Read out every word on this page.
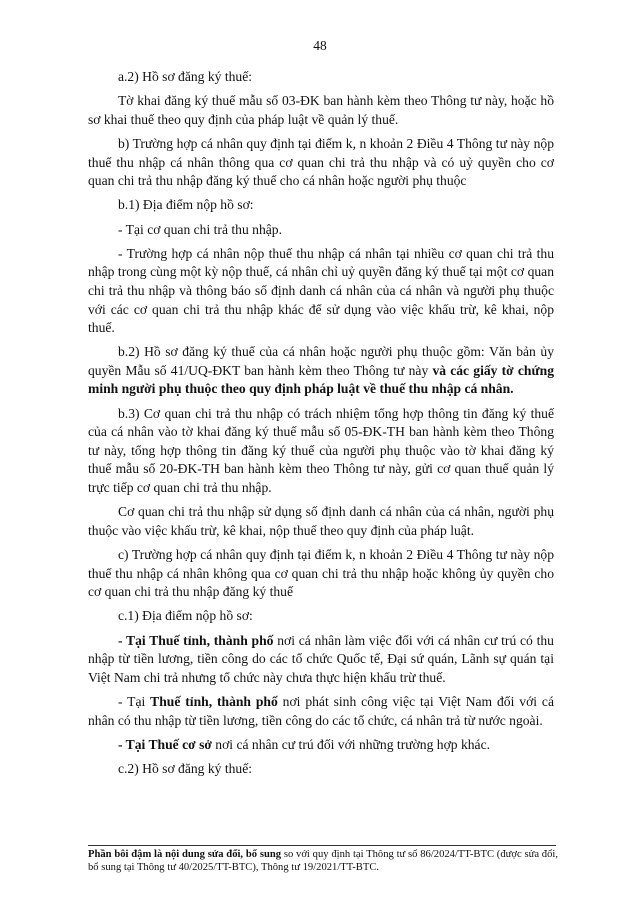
48

a.2) Hồ sơ đăng ký thuế:

Tờ khai đăng ký thuế mẫu số 03-ĐK ban hành kèm theo Thông tư này, hoặc hồ sơ khai thuế theo quy định của pháp luật về quản lý thuế.

b) Trường hợp cá nhân quy định tại điểm k, n khoản 2 Điều 4 Thông tư này nộp thuế thu nhập cá nhân thông qua cơ quan chi trả thu nhập và có uỷ quyền cho cơ quan chi trả thu nhập đăng ký thuế cho cá nhân hoặc người phụ thuộc

b.1) Địa điểm nộp hồ sơ:

- Tại cơ quan chi trả thu nhập.

- Trường hợp cá nhân nộp thuế thu nhập cá nhân tại nhiều cơ quan chi trả thu nhập trong cùng một kỳ nộp thuế, cá nhân chỉ uỷ quyền đăng ký thuế tại một cơ quan chi trả thu nhập và thông báo số định danh cá nhân của cá nhân và người phụ thuộc với các cơ quan chi trả thu nhập khác để sử dụng vào việc khấu trừ, kê khai, nộp thuế.

b.2) Hồ sơ đăng ký thuế của cá nhân hoặc người phụ thuộc gồm: Văn bản ủy quyền Mẫu số 41/UQ-ĐKT ban hành kèm theo Thông tư này và các giấy tờ chứng minh người phụ thuộc theo quy định pháp luật về thuế thu nhập cá nhân.

b.3) Cơ quan chi trả thu nhập có trách nhiệm tổng hợp thông tin đăng ký thuế của cá nhân vào tờ khai đăng ký thuế mẫu số 05-ĐK-TH ban hành kèm theo Thông tư này, tổng hợp thông tin đăng ký thuế của người phụ thuộc vào tờ khai đăng ký thuế mẫu số 20-ĐK-TH ban hành kèm theo Thông tư này, gửi cơ quan thuế quản lý trực tiếp cơ quan chi trả thu nhập.

Cơ quan chi trả thu nhập sử dụng số định danh cá nhân của cá nhân, người phụ thuộc vào việc khấu trừ, kê khai, nộp thuế theo quy định của pháp luật.

c) Trường hợp cá nhân quy định tại điểm k, n khoản 2 Điều 4 Thông tư này nộp thuế thu nhập cá nhân không qua cơ quan chi trả thu nhập hoặc không ủy quyền cho cơ quan chi trả thu nhập đăng ký thuế

c.1) Địa điểm nộp hồ sơ:

- Tại Thuế tỉnh, thành phố nơi cá nhân làm việc đối với cá nhân cư trú có thu nhập từ tiền lương, tiền công do các tổ chức Quốc tế, Đại sứ quán, Lãnh sự quán tại Việt Nam chi trả nhưng tổ chức này chưa thực hiện khấu trừ thuế.

- Tại Thuế tỉnh, thành phố nơi phát sinh công việc tại Việt Nam đối với cá nhân có thu nhập từ tiền lương, tiền công do các tổ chức, cá nhân trả từ nước ngoài.

- Tại Thuế cơ sở nơi cá nhân cư trú đối với những trường hợp khác.

c.2) Hồ sơ đăng ký thuế:

Phần bôi đậm là nội dung sửa đổi, bổ sung so với quy định tại Thông tư số 86/2024/TT-BTC (được sửa đổi, bổ sung tại Thông tư 40/2025/TT-BTC), Thông tư 19/2021/TT-BTC.
